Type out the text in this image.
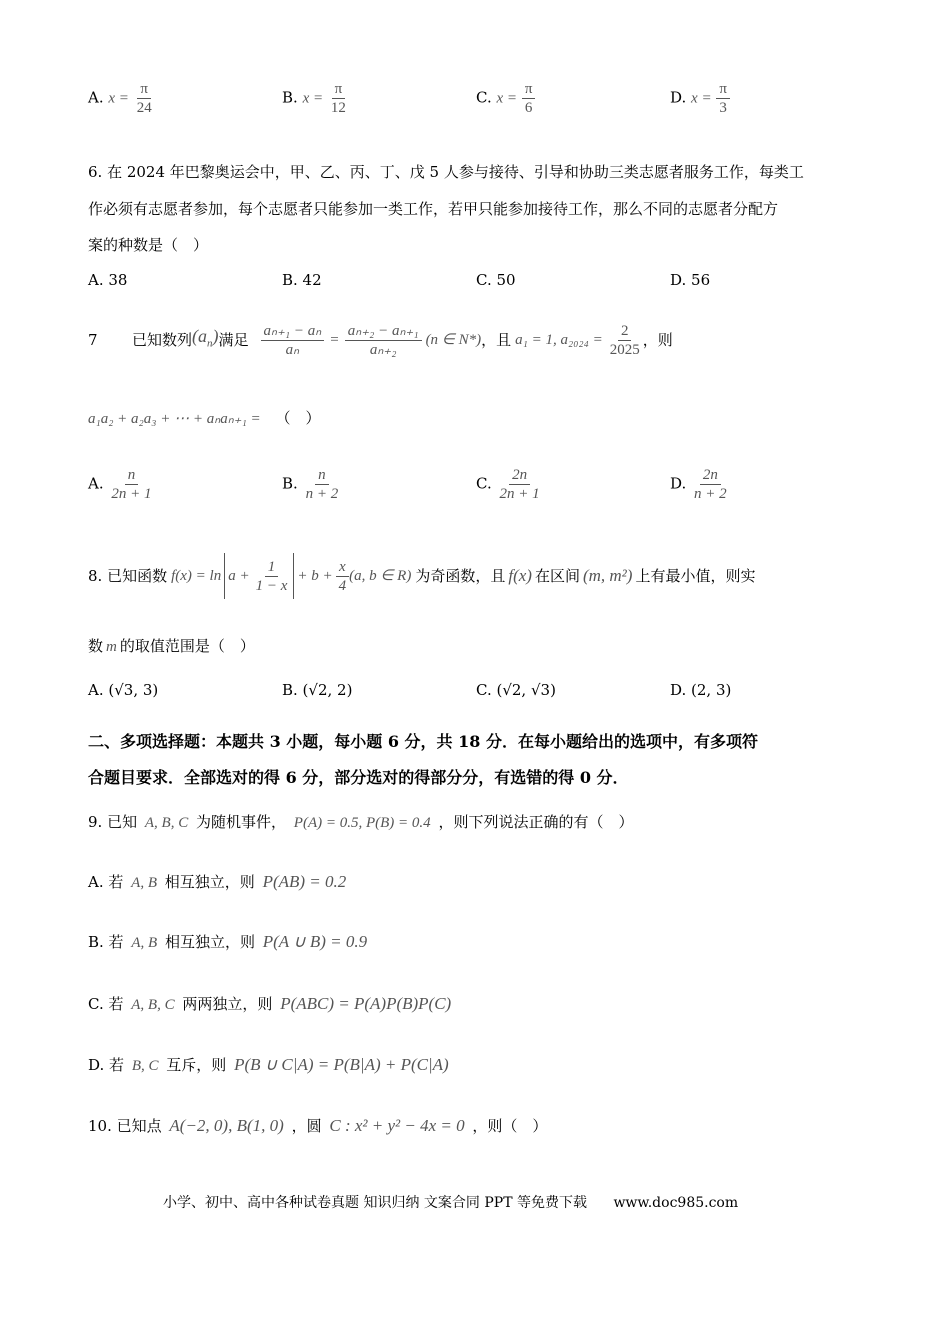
A. $x = \frac{\pi}{24}$	B. $x = \frac{\pi}{12}$	C. $x = \frac{\pi}{6}$	D. $x = \frac{\pi}{3}$
6. 在 2024 年巴黎奥运会中，甲、乙、丙、丁、戊 5 人参与接待、引导和协助三类志愿者服务工作，每类工
作必须有志愿者参加，每个志愿者只能参加一类工作，若甲只能参加接待工作，那么不同的志愿者分配方
案的种数是（　）
A. 38	B. 42	C. 50	D. 56
7 已知数列 $(a_n)$ 满足 $\frac{\text{aₙ₊₁ − aₙ}}{\text{aₙ}} = \frac{\text{aₙ₊₂ − aₙ₊₁}}{\text{aₙ₊₂}} (n$ ∈ N*) ，且 a₁ = 1, $a_{2024} = \frac{2}{2025}$ ，则
a₁a₂ + a₂a₃ + ⋯ + aₙaₙ₊₁ = （　）
A. $\frac{n}{2n + 1}$	B. $\frac{n}{n + 2}$	C. $\frac{2n}{2n + 1}$	D. $\frac{2n}{n + 2}$
8. 已知函数 $f(x) = \ln a + \frac{1}{1 - x} + b + \frac{x}{4} (a$, b ∈ R) 为奇函数，且 f(x) 在区间 (m, m²) 上有最小值，则实
数 m 的取值范围是（　）
A. (√3, 3)	B. (√2, 2)	C. (√2, √3)	D. (2, 3)
二、多项选择题：本题共 3 小题，每小题 6 分，共 18 分．在每小题给出的选项中，有多项符
合题目要求．全部选对的得 6 分，部分选对的得部分分，有选错的得 0 分．
9. 已知 A, B, C 为随机事件， P(A) = 0.5, P(B) = 0.4 ，则下列说法正确的有（　）
A. 若 A, B 相互独立，则 P(AB) = 0.2
B. 若 A, B 相互独立，则 P(A ∪ B) = 0.9
C. 若 A, B, C 两两独立，则 P(ABC) = P(A)P(B)P(C)
D. 若 B, C 互斥，则 P(B ∪ C|A) = P(B|A) + P(C|A)
10. 已知点 A(−2, 0), B(1, 0) ，圆 C : x² + y² − 4x = 0 ，则（　）
小学、初中、高中各种试卷真题 知识归纳 文案合同 PPT 等免费下载 www.doc985.com
